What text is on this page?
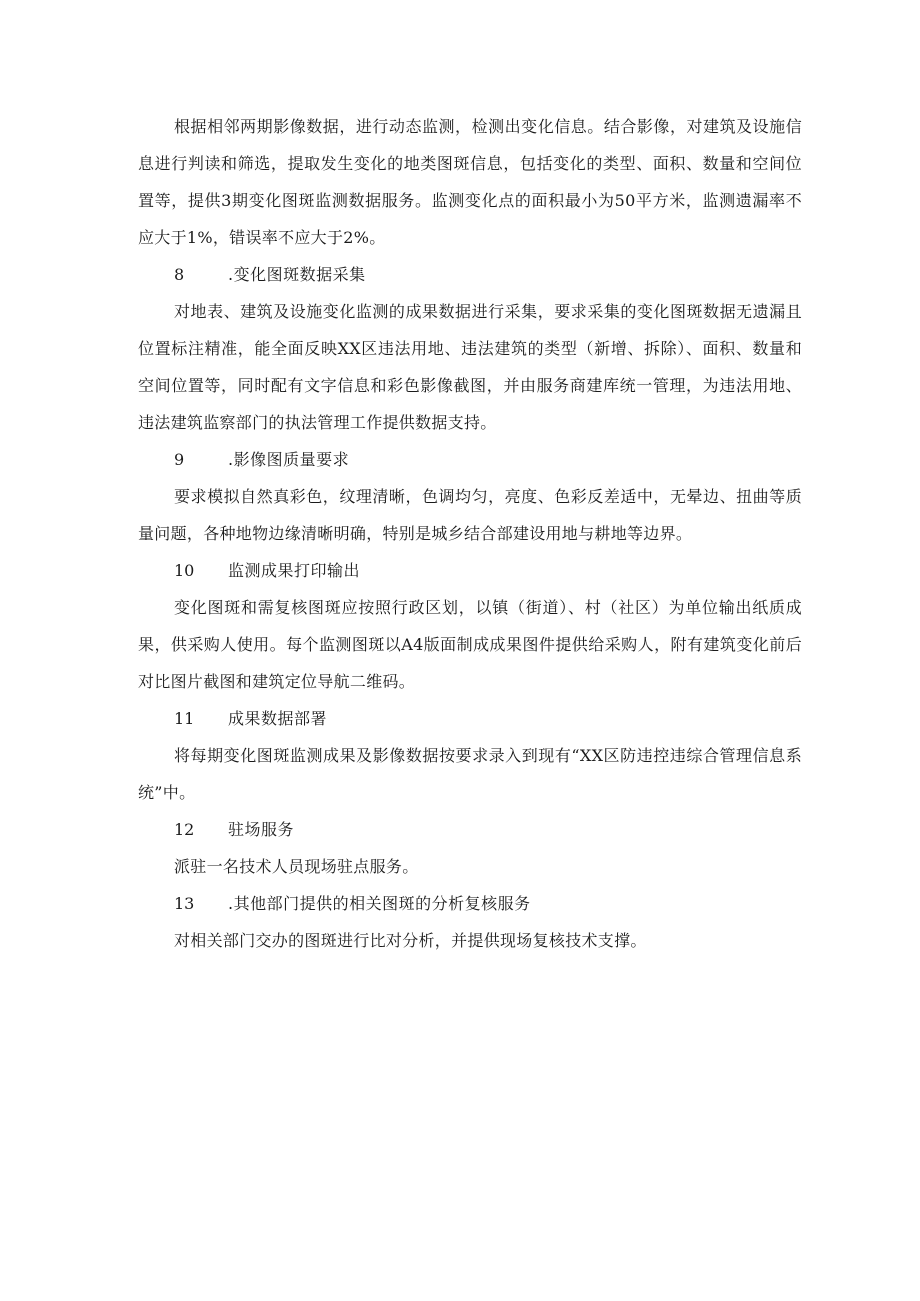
根据相邻两期影像数据，进行动态监测，检测出变化信息。结合影像，对建筑及设施信息进行判读和筛选，提取发生变化的地类图斑信息，包括变化的类型、面积、数量和空间位置等，提供3期变化图斑监测数据服务。监测变化点的面积最小为50平方米，监测遗漏率不应大于1%，错误率不应大于2%。

8	.变化图斑数据采集

对地表、建筑及设施变化监测的成果数据进行采集，要求采集的变化图斑数据无遗漏且位置标注精准，能全面反映XX区违法用地、违法建筑的类型（新增、拆除）、面积、数量和空间位置等，同时配有文字信息和彩色影像截图，并由服务商建库统一管理，为违法用地、违法建筑监察部门的执法管理工作提供数据支持。

9	.影像图质量要求

要求模拟自然真彩色，纹理清晰，色调均匀，亮度、色彩反差适中，无晕边、扭曲等质量问题，各种地物边缘清晰明确，特别是城乡结合部建设用地与耕地等边界。

10	监测成果打印输出

变化图斑和需复核图斑应按照行政区划，以镇（街道）、村（社区）为单位输出纸质成果，供采购人使用。每个监测图斑以A4版面制成成果图件提供给采购人，附有建筑变化前后对比图片截图和建筑定位导航二维码。

11	成果数据部署

将每期变化图斑监测成果及影像数据按要求录入到现有“XX区防违控违综合管理信息系统”中。

12	驻场服务

派驻一名技术人员现场驻点服务。

13	.其他部门提供的相关图斑的分析复核服务

对相关部门交办的图斑进行比对分析，并提供现场复核技术支撑。
